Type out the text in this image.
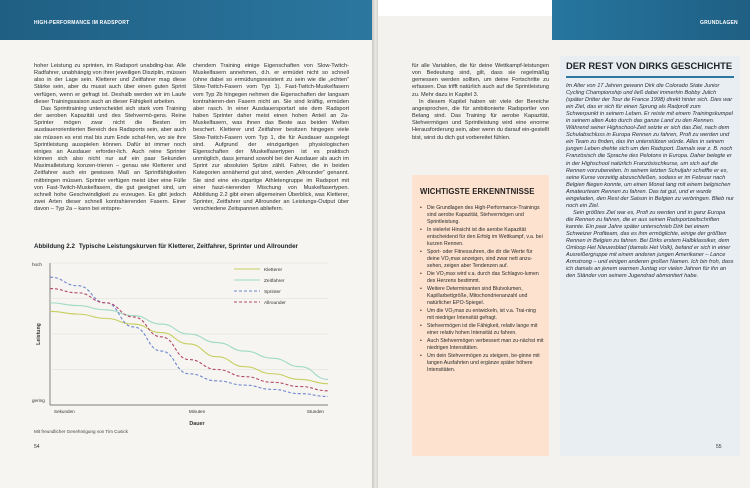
HIGH-PERFORMANCE IM RADSPORT

hoher Leistung zu sprinten, im Radsport unabding-bar. Alle Radfahrer, unabhängig von ihrer jeweiligen Disziplin, müssen also in der Lage sein. Kletterer und Zeitfahrer mag diese Stärke sein, aber du musst auch über einen guten Sprint verfügen, wenn er gefragt ist. Deshalb werden wir im Laufe dieser Trainingssaison auch an dieser Fähigkeit arbeiten.

Das Sprinttraining unterscheidet sich stark vom Training der aeroben Kapazität und des Stehvermö-gens. Reine Sprinter mögen zwar nicht die Besten im ausdauerorientierten Bereich des Radsports sein, aber auch sie müssen es erst mal bis zum Ende schaf-fen, wo sie ihre Sprintleistung ausspielen können. Dafür ist immer noch einiges an Ausdauer erforder-lich. Auch reine Sprinter können sich also nicht nur auf ein paar Sekunden Maximalleistung konzen-trieren – genau wie Kletterer und Zeitfahrer auch ein gewisses Maß an Sprintfähigkeiten mitbringen müssen. Sprinter verfügen meist über eine Fülle von Fast-Twitch-Muskelfasern, die gut geeignet sind, um schnell hohe Geschwindigkeit zu erzeugen. Es gibt jedoch zwei Arten dieser schnell kontrahierenden Fasern. Einer davon – Typ 2a – kann bei entspre-

chendem Training einige Eigenschaften von Slow-Twitch-Muskelfasern annehmen, d.h. er ermüdet nicht so schnell (ohne dabei so ermüdungsresistent zu sein wie die „echten“ Slow-Twitch-Fasern vom Typ 1). Fast-Twitch-Muskelfasern vom Typ 2b hingegen nehmen die Eigenschaften der langsam kontrahieren-den Fasern nicht an. Sie sind kräftig, ermüden aber rasch. In einer Ausdauersportart wie dem Radsport haben Sprinter daher meist einen hohen Anteil an 2a-Muskelfasern, was ihnen das Beste aus beiden Welten beschert. Kletterer und Zeitfahrer besitzen hingegen viele Slow-Twitch-Fasern vom Typ 1, die für Ausdauer ausgelegt sind. Aufgrund der einzigartigen physiologischen Eigenschaften der Muskelfasertypen ist es praktisch unmöglich, dass jemand sowohl bei der Ausdauer als auch im Sprint zur absoluten Spitze zählt. Fahrer, die in beiden Kategorien annähernd gut sind, werden „Allrounder“ genannt. Sie sind eine ein-zigartige Athletengruppe im Radsport mit einer faszi-nierenden Mischung von Muskelfasertypen. Abbildung 2.2 gibt einen allgemeinen Überblick, was Kletterer, Sprinter, Zeitfahrer und Allrounder an Leistungs-Output über verschiedene Zeitspannen abliefern.

Abbildung 2.2 Typische Leistungskurven für Kletterer, Zeitfahrer, Sprinter und Allrounder
Kletterer
Zeitfahrer
Sprinter
Allrounder
Leistung
hoch
gering
Sekunden	Minuten	Stunden
Dauer
Mit freundlicher Genehmigung von Tim Cusick
54
GRUNDLAGEN

für alle Variablen, die für deine Wettkampf-leistungen von Bedeutung sind, gilt, dass sie regelmäßig gemessen werden sollten, um deine Fortschritte zu erfassen. Das trifft natürlich auch auf die Sprintleistung zu. Mehr dazu in Kapitel 3.

In diesem Kapitel haben wir viele der Bereiche angesprochen, die für ambitionierte Radsportler von Belang sind. Das Training für aerobe Kapazität, Stehvermögen und Sprintleistung wird eine enorme Herausforderung sein, aber wenn du darauf ein-gestellt bist, wirst du dich gut vorbereitet fühlen.

WICHTIGSTE ERKENNTNISSE
• Die Grundlagen des High-Performance-Trainings sind aerobe Kapazität, Stehvermögen und Sprintleistung.
• In vielerlei Hinsicht ist die aerobe Kapazität entscheidend für den Erfolg im Wettkampf, v.a. bei kurzen Rennen.
• Sport- oder Fitnessuhren, die dir die Werte für deine VO₂max anzeigen, sind zwar nett anzu-sehen, zeigen aber Tendenzen auf.
• Die VO₂max wird v.a. durch das Schlagvo-lumen des Herzens bestimmt.
• Weitere Determinanten sind Blutvolumen, Kapillarbettgröße, Mitochondrienanzahl und natürlicher EPO-Spiegel.
• Um die VO₂max zu entwickeln, ist v.a. Trai-ning mit niedriger Intensität gefragt.
• Stehvermögen ist die Fähigkeit, relativ lange mit einer relativ hohen Intensität zu fahren.
• Auch Stehvermögen verbessert man zu-nächst mit niedrigen Intensitäten.
• Um dein Stehvermögen zu steigern, be-ginne mit langen Ausfahrten und ergänze später höhere Intensitäten.
DER REST VON DIRKS GESCHICHTE

Im Alter von 17 Jahren gewann Dirk die Colorado State Junior Cycling Championship und ließ dabei immerhin Bobby Julich (später Dritter der Tour de France 1998) direkt hinter sich. Dies war ein Ziel, das er sich für einen Sprung als Radprofi zum Schwerpunkt in seinem Leben. Er reiste mit einem Trainingskumpel in seinem alten Auto durch das ganze Land zu den Rennen. Während seiner Highschool-Zeit setzte er sich das Ziel, nach dem Schulabschluss in Europa Rennen zu fahren, Profi zu werden und ein Team zu finden, das ihn unterstützen würde. Alles in seinem jungen Leben drehte sich um den Radsport. Damals war z. B. noch Französisch die Sprache des Pelotons in Europa. Daher belegte er in der Highschool natürlich Französischkurse, um sich auf die Rennen vorzubereiten. In seinem letzten Schuljahr schaffte er es, seine Kurse vorzeitig abzuschließen, sodass er im Februar nach Belgien fliegen konnte, um einen Monat lang mit einem belgischen Amateurteam Rennen zu fahren. Das tat gut, und er wurde eingeladen, den Rest der Saison in Belgien zu verbringen. Blieb nur noch ein Ziel.

Sein größtes Ziel war es, Profi zu werden und in ganz Europa die Rennen zu fahren, die er aus seinen Radsportzeitschriften kannte. Ein paar Jahre später unterschrieb Dirk bei einem Schweizer Profiteam, das es ihm ermöglichte, einige der größten Rennen in Belgien zu fahren. Bei Dirks erstem Halbklassiker, dem Omloop Het Nieuwsblad (damals Het Volk), befand er sich in einer Ausreißergruppe mit einem anderen jungen Amerikaner – Lance Armstrong – und einigen anderen großen Namen. Ich bin froh, dass ich damals an jenem warmen Juntag vor vielen Jahren für ihn an den Ständer von seinem Jugendrad abmontiert habe.

55
